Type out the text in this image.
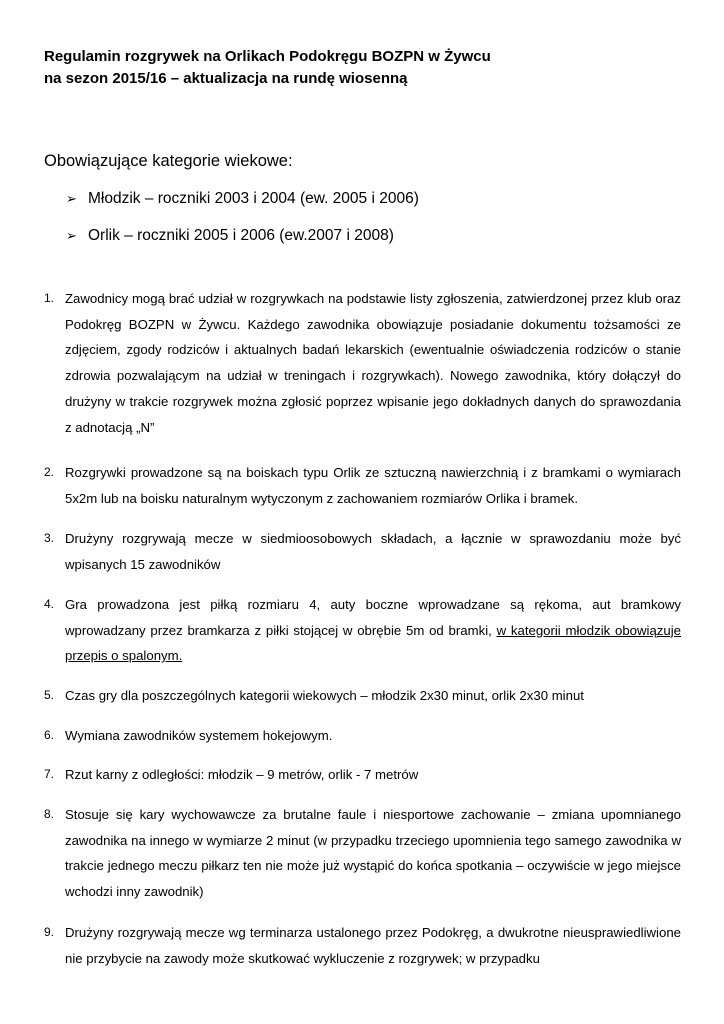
Regulamin rozgrywek na Orlikach Podokręgu BOZPN w Żywcu
na sezon 2015/16 – aktualizacja na rundę wiosenną
Obowiązujące kategorie wiekowe:
➢ Młodzik – roczniki 2003 i 2004 (ew. 2005 i 2006)
➢ Orlik – roczniki 2005 i 2006 (ew.2007 i 2008)
1. Zawodnicy mogą brać udział w rozgrywkach na podstawie listy zgłoszenia, zatwierdzonej przez klub oraz Podokręg BOZPN w Żywcu. Każdego zawodnika obowiązuje posiadanie dokumentu tożsamości ze zdjęciem, zgody rodziców i aktualnych badań lekarskich (ewentualnie oświadczenia rodziców o stanie zdrowia pozwalającym na udział w treningach i rozgrywkach). Nowego zawodnika, który dołączył do drużyny w trakcie rozgrywek można zgłosić poprzez wpisanie jego dokładnych danych do sprawozdania z adnotacją „N”
2. Rozgrywki prowadzone są na boiskach typu Orlik ze sztuczną nawierzchnią i z bramkami o wymiarach 5x2m lub na boisku naturalnym wytyczonym z zachowaniem rozmiarów Orlika i bramek.
3. Drużyny rozgrywają mecze w siedmioosobowych składach, a łącznie w sprawozdaniu może być wpisanych 15 zawodników
4. Gra prowadzona jest piłką rozmiaru 4, auty boczne wprowadzane są rękoma, aut bramkowy wprowadzany przez bramkarza z piłki stojącej w obrębie 5m od bramki, w kategorii młodzik obowiązuje przepis o spalonym.
5. Czas gry dla poszczególnych kategorii wiekowych – młodzik 2x30 minut, orlik 2x30 minut
6. Wymiana zawodników systemem hokejowym.
7. Rzut karny z odległości: młodzik – 9 metrów, orlik - 7 metrów
8. Stosuje się kary wychowawcze za brutalne faule i niesportowe zachowanie – zmiana upomnianego zawodnika na innego w wymiarze 2 minut (w przypadku trzeciego upomnienia tego samego zawodnika w trakcie jednego meczu piłkarz ten nie może już wystąpić do końca spotkania – oczywiście w jego miejsce wchodzi inny zawodnik)
9. Drużyny rozgrywają mecze wg terminarza ustalonego przez Podokręg, a dwukrotne nieusprawiedliwione nie przybycie na zawody może skutkować wykluczenie z rozgrywek; w przypadku
